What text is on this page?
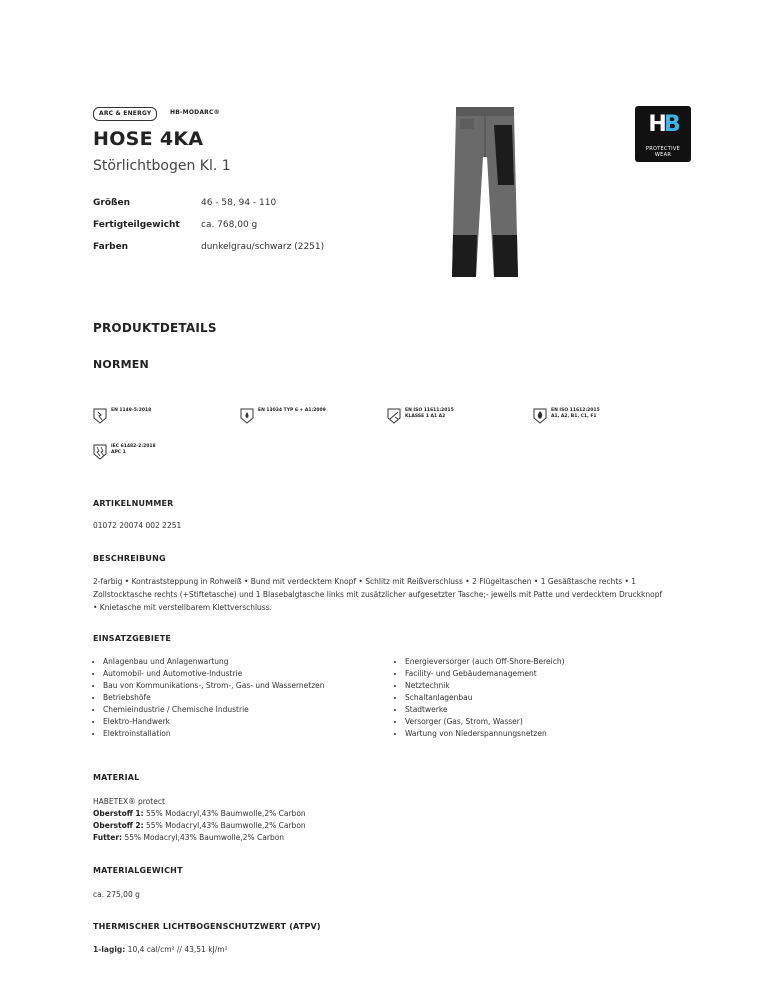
ARC & ENERGY	HB-MODARC®
HOSE 4KA
Störlichtbogen Kl. 1
Größen	46 - 58, 94 - 110
Fertigteilgewicht	ca. 768,00 g
Farben	dunkelgrau/schwarz (2251)
HB
PROTECTIVE
WEAR
PRODUKTDETAILS
NORMEN
EN 1149-5:2018	EN 13034 TYP 6 + A1:2009	EN ISO 11611:2015
KLASSE 1 A1 A2
EN ISO 11612:2015
A1, A2, B1, C1, F1
IEC 61482-2:2018
APC 1
ARTIKELNUMMER
01072 20074 002 2251
BESCHREIBUNG
2-farbig • Kontraststeppung in Rohweiß • Bund mit verdecktem Knopf • Schlitz mit Reißverschluss • 2 Flügeltaschen • 1 Gesäßtasche rechts • 1 Zollstocktasche rechts (+Stiftetasche) und 1 Blasebalgtasche links mit zusätzlicher aufgesetzter Tasche;- jeweils mit Patte und verdecktem Druckknopf • Knietasche mit verstellbarem Klettverschluss.
EINSATZGEBIETE
• Anlagenbau und Anlagenwartung
• Automobil- und Automotive-Industrie
• Bau von Kommunikations-, Strom-, Gas- und Wassernetzen
• Betriebshöfe
• Chemieindustrie / Chemische Industrie
• Elektro-Handwerk
• Elektroinstallation
• Energieversorger (auch Off-Shore-Bereich)
• Facility- und Gebäudemanagement
• Netztechnik
• Schaltanlagenbau
• Stadtwerke
• Versorger (Gas, Strom, Wasser)
• Wartung von Niederspannungsnetzen
MATERIAL
HABETEX® protect
Oberstoff 1: 55% Modacryl,43% Baumwolle,2% Carbon
Oberstoff 2: 55% Modacryl,43% Baumwolle,2% Carbon
Futter: 55% Modacryl,43% Baumwolle,2% Carbon
MATERIALGEWICHT
ca. 275,00 g
THERMISCHER LICHTBOGENSCHUTZWERT (ATPV)
1-lagig: 10,4 cal/cm² // 43,51 kJ/m²
